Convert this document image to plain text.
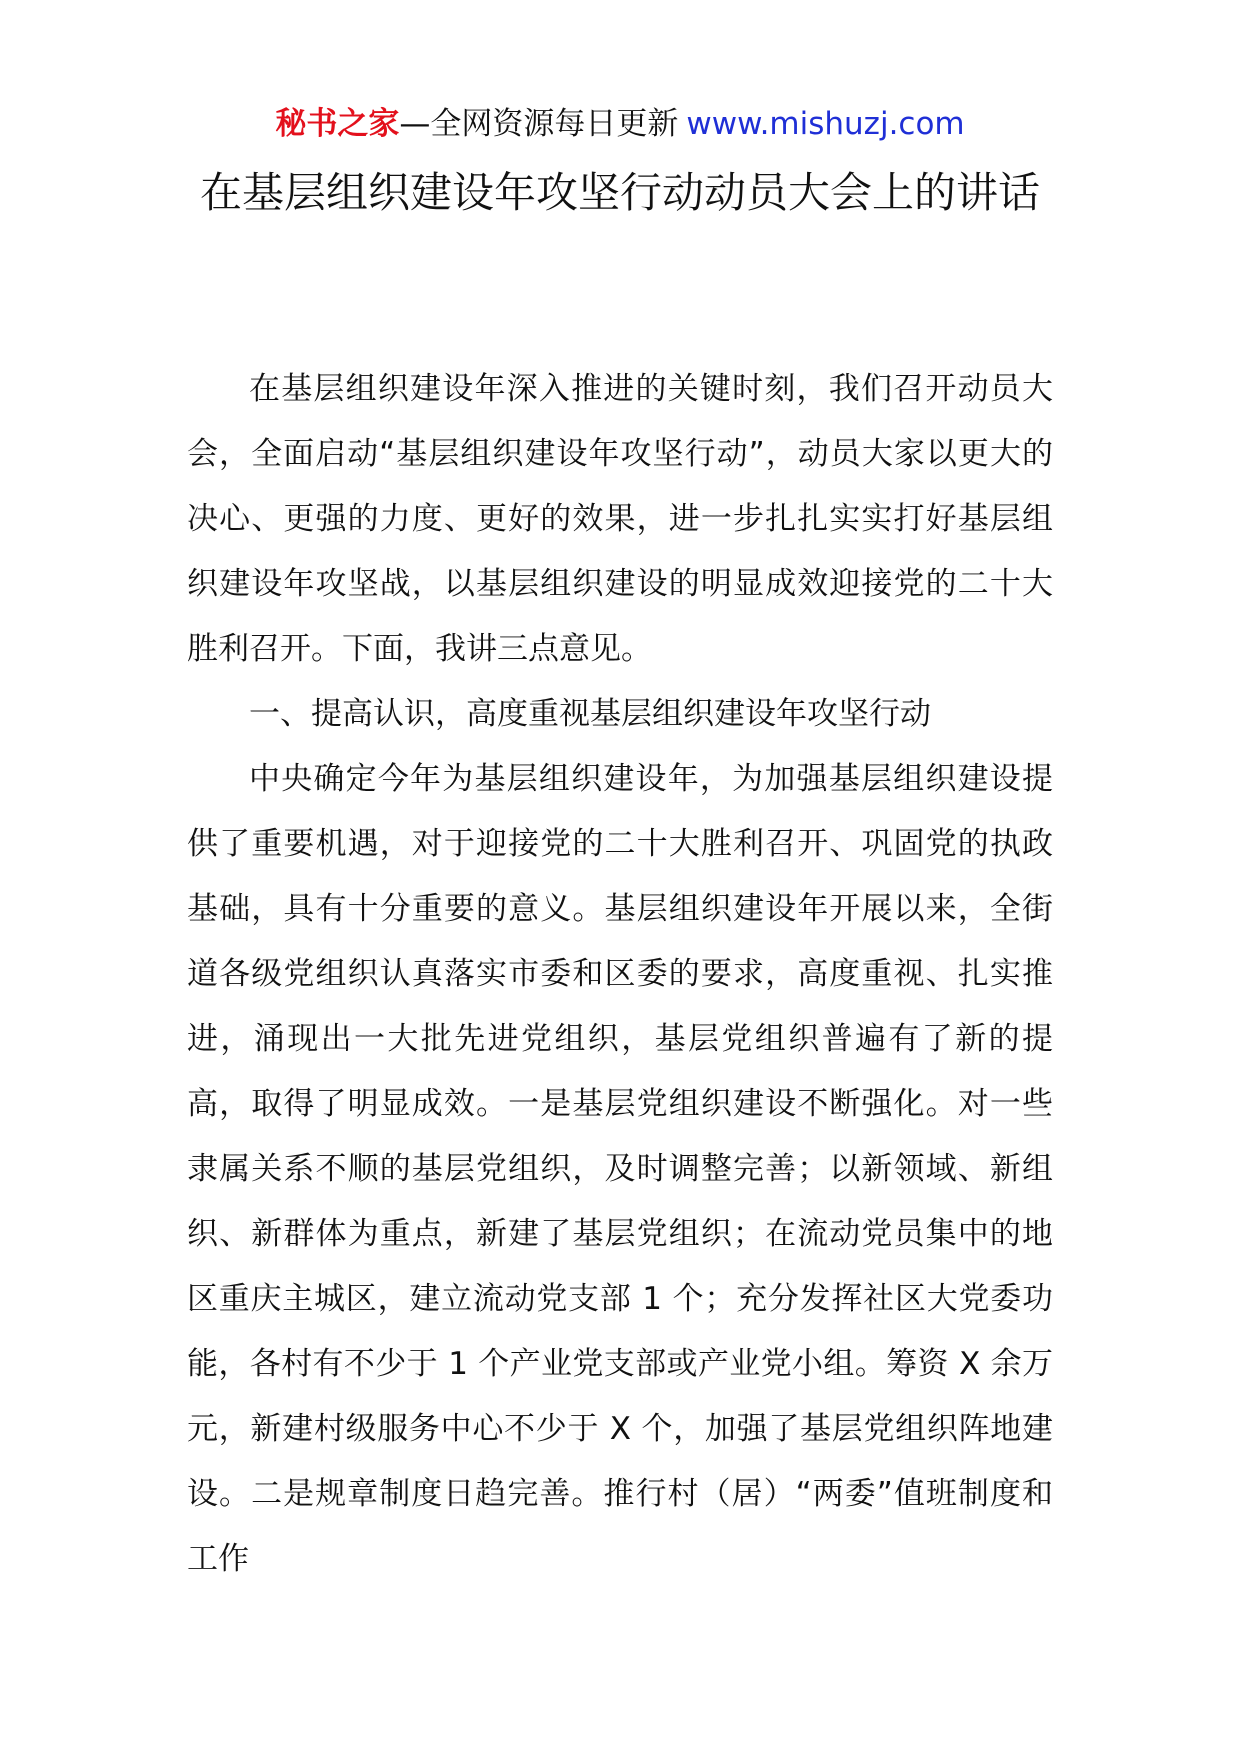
秘书之家—全网资源每日更新 www.mishuzj.com
在基层组织建设年攻坚行动动员大会上的讲话

在基层组织建设年深入推进的关键时刻，我们召开动员大会，全面启动“基层组织建设年攻坚行动”，动员大家以更大的决心、更强的力度、更好的效果，进一步扎扎实实打好基层组织建设年攻坚战，以基层组织建设的明显成效迎接党的二十大胜利召开。下面，我讲三点意见。

一、提高认识，高度重视基层组织建设年攻坚行动

中央确定今年为基层组织建设年，为加强基层组织建设提供了重要机遇，对于迎接党的二十大胜利召开、巩固党的执政基础，具有十分重要的意义。基层组织建设年开展以来，全街道各级党组织认真落实市委和区委的要求，高度重视、扎实推进，涌现出一大批先进党组织，基层党组织普遍有了新的提高，取得了明显成效。一是基层党组织建设不断强化。对一些隶属关系不顺的基层党组织，及时调整完善；以新领域、新组织、新群体为重点，新建了基层党组织；在流动党员集中的地区重庆主城区，建立流动党支部 1 个；充分发挥社区大党委功能，各村有不少于 1 个产业党支部或产业党小组。筹资 X 余万元，新建村级服务中心不少于 X 个，加强了基层党组织阵地建设。二是规章制度日趋完善。推行村（居）“两委”值班制度和工作
